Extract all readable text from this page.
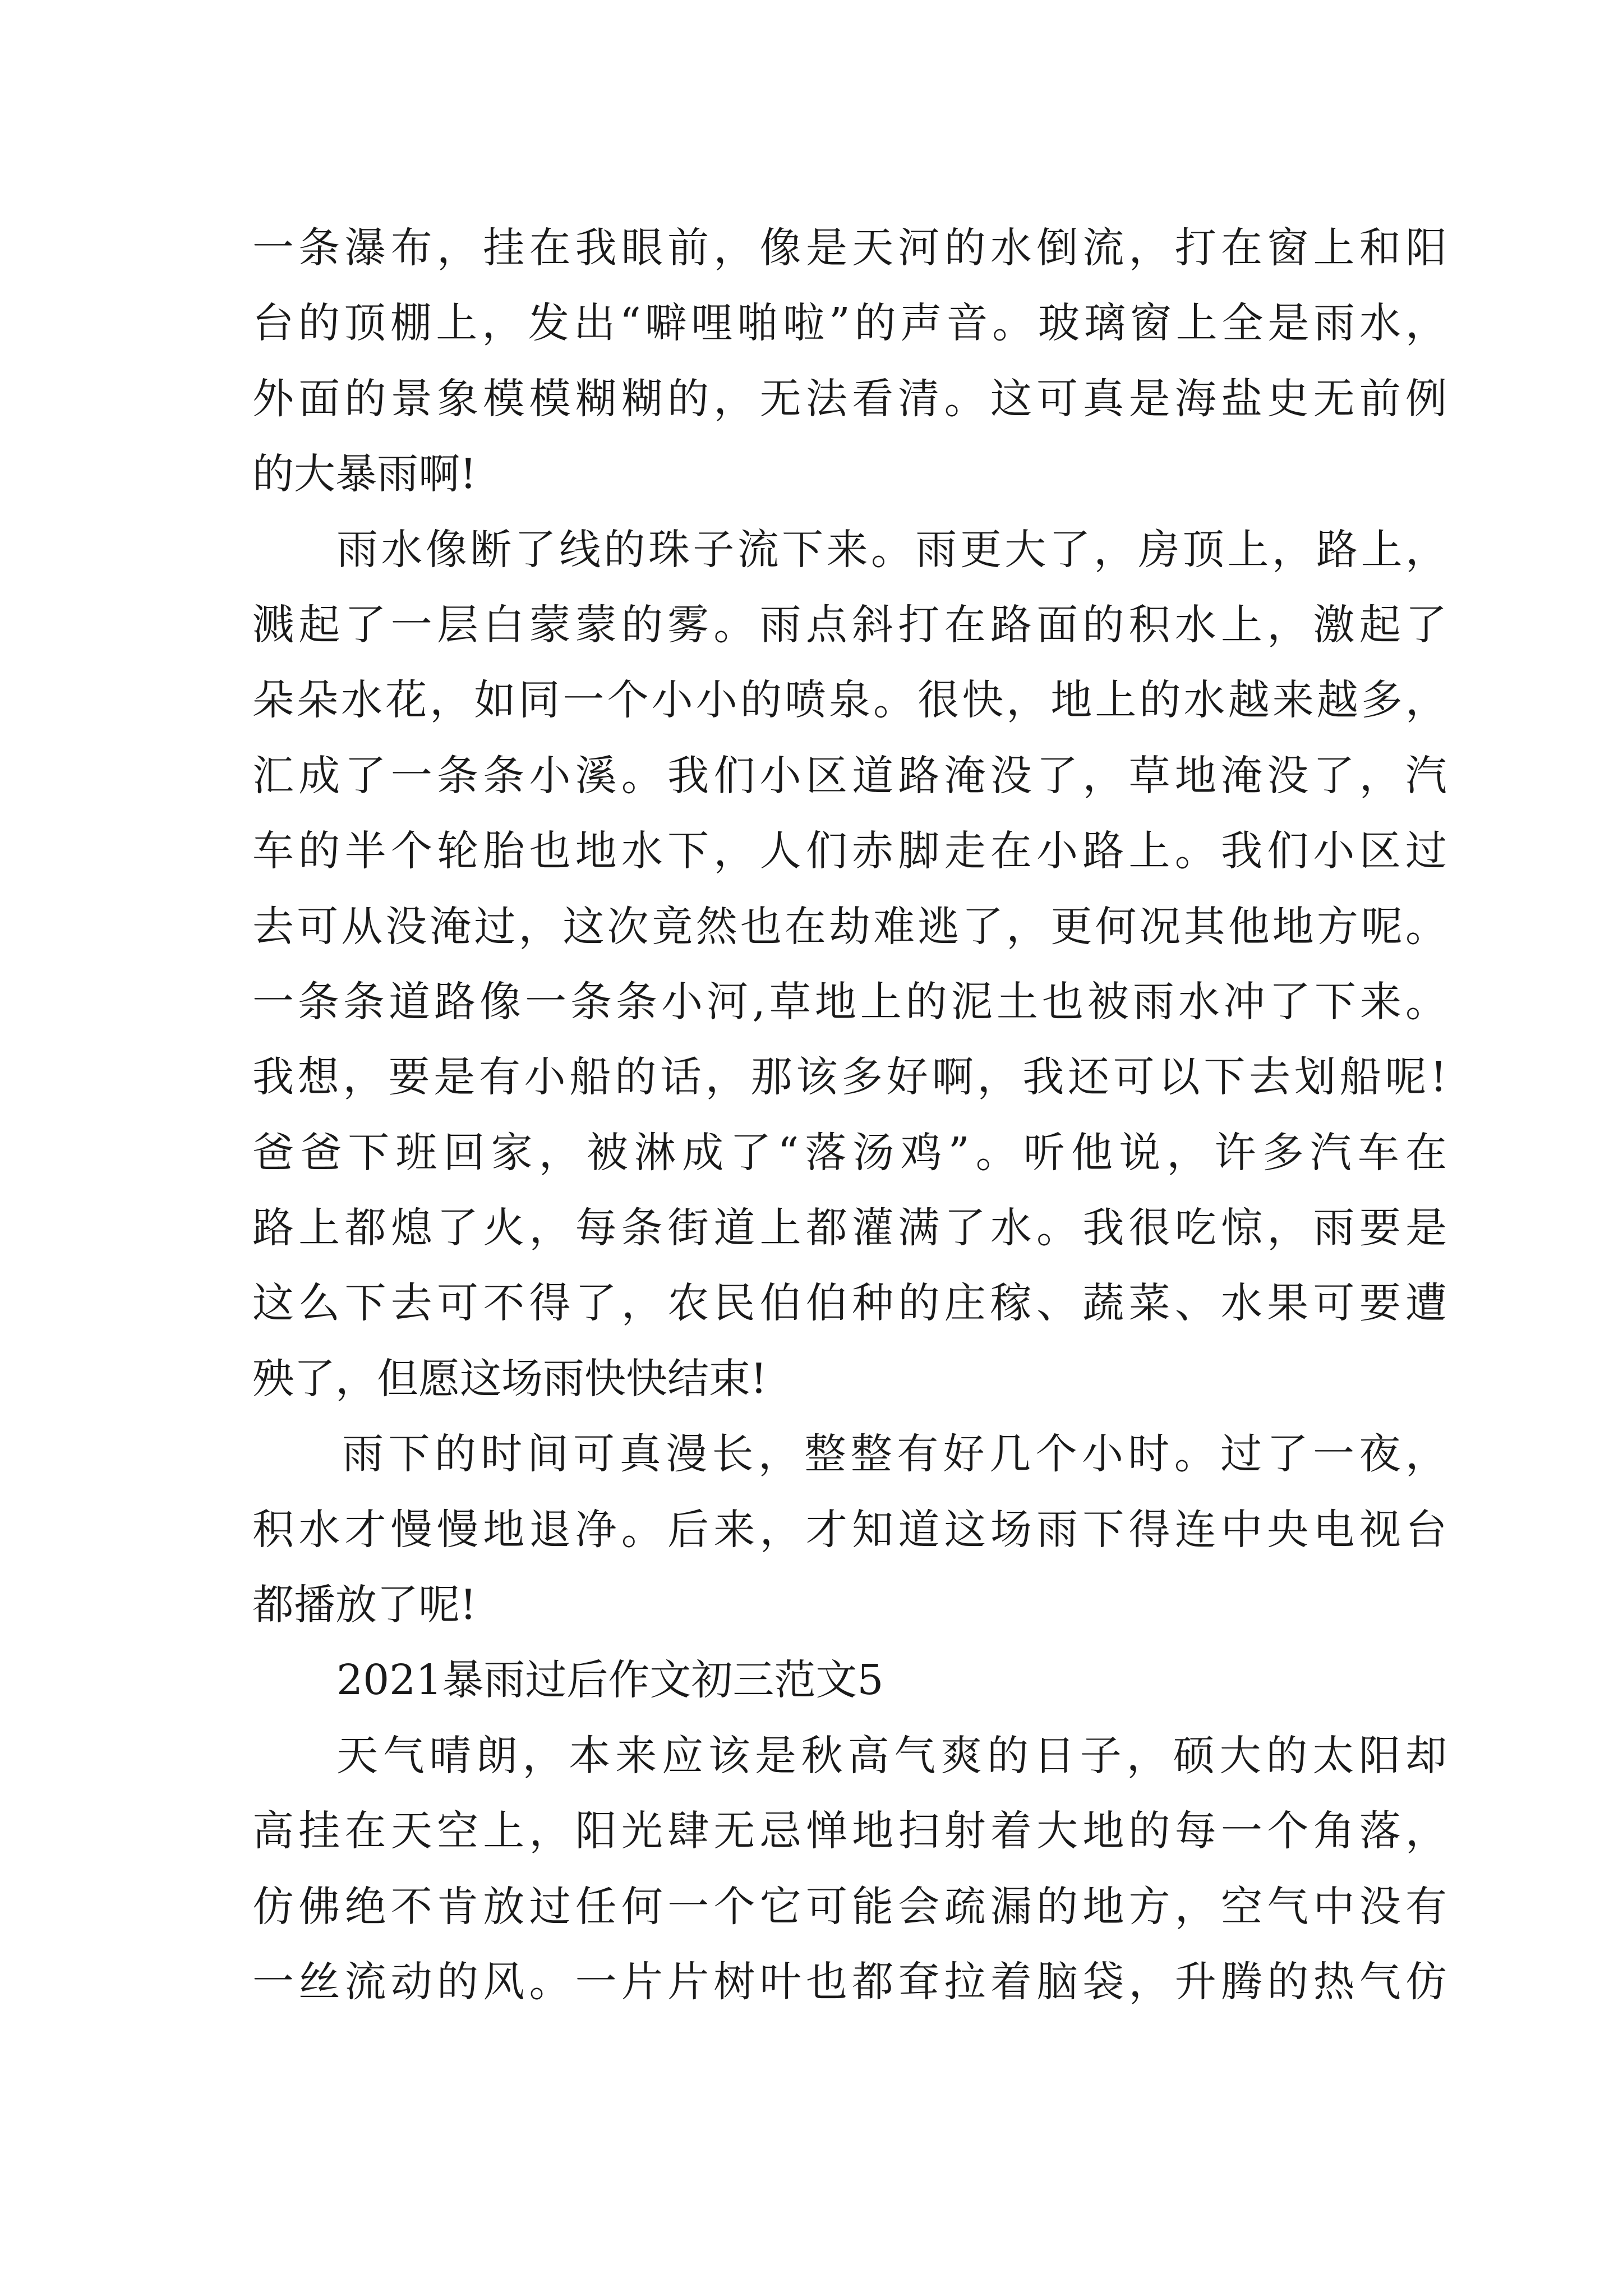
一条瀑布，挂在我眼前，像是天河的水倒流，打在窗上和阳
台的顶棚上，发出“噼哩啪啦”的声音。玻璃窗上全是雨水，
外面的景象模模糊糊的，无法看清。这可真是海盐史无前例
的大暴雨啊!
雨水像断了线的珠子流下来。雨更大了，房顶上，路上，
溅起了一层白蒙蒙的雾。雨点斜打在路面的积水上，激起了
朵朵水花，如同一个小小的喷泉。很快，地上的水越来越多，
汇成了一条条小溪。我们小区道路淹没了，草地淹没了，汽
车的半个轮胎也地水下，人们赤脚走在小路上。我们小区过
去可从没淹过，这次竟然也在劫难逃了，更何况其他地方呢。
一条条道路像一条条小河,草地上的泥土也被雨水冲了下来。
我想，要是有小船的话，那该多好啊，我还可以下去划船呢!
爸爸下班回家，被淋成了“落汤鸡”。听他说，许多汽车在
路上都熄了火，每条街道上都灌满了水。我很吃惊，雨要是
这么下去可不得了，农民伯伯种的庄稼、蔬菜、水果可要遭
殃了，但愿这场雨快快结束!
雨下的时间可真漫长，整整有好几个小时。过了一夜，
积水才慢慢地退净。后来，才知道这场雨下得连中央电视台
都播放了呢!
2021暴雨过后作文初三范文5
天气晴朗，本来应该是秋高气爽的日子，硕大的太阳却
高挂在天空上，阳光肆无忌惮地扫射着大地的每一个角落，
仿佛绝不肯放过任何一个它可能会疏漏的地方，空气中没有
一丝流动的风。一片片树叶也都耷拉着脑袋，升腾的热气仿
